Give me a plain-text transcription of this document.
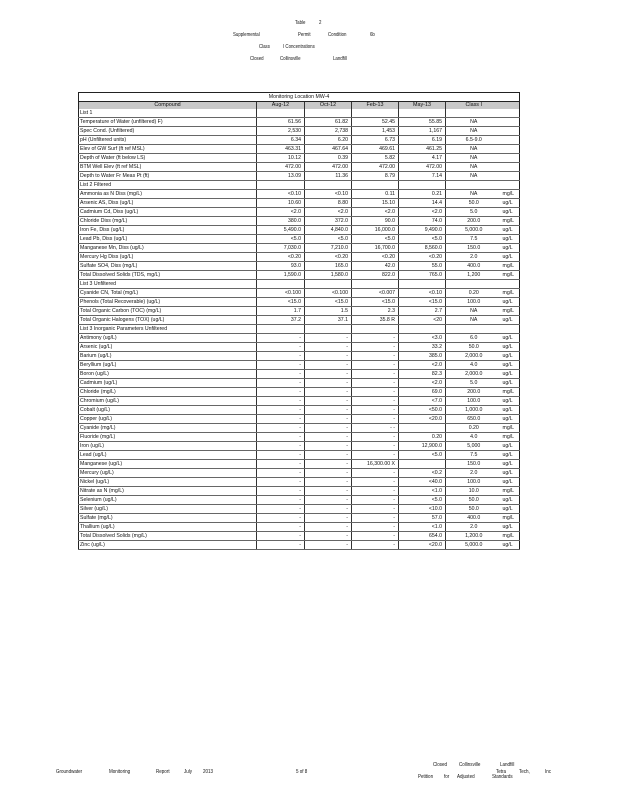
Table 2
Supplemental	Permit	Condition	6b
Class I Concentrations
Closed	Collinsville	Landfill
Monitoring Location MW-4						
Compound	Aug-12	Oct-12	Feb-13	May-13	Class I	
List 1						
Temperature of Water (unfiltered) F)	61.56	61.82	52.45	55.85	NA	
Spec Cond. (Unfiltered)	2,530	2,738	1,453	1,167	NA	
pH (Unfiltered units)	6.34	6.20	6.73	6.19	6.5-9.0	
Elev of GW Surf (ft ref MSL)	463.31	467.64	469.61	461.25	NA	
Depth of Water (ft below LS)	10.12	0.39	5.82	4.17	NA	
BTM Well Elev (ft ref MSL)	472.00	472.00	472.00	472.00	NA	
Depth to Water Fr Meas Pt (ft)	13.09	11.36	8.79	7.14	NA	
List 2 Filtered						
Ammonia as N Diss (mg/L)	<0.10	<0.10	0.11	0.21	NA	mg/L
Arsenic AS, Diss (ug/L)	10.60	8.80	15.10	14.4	50.0	ug/L
Cadmium Cd, Diss (ug/L)	<2.0	<2.0	<2.0	<2.0	5.0	ug/L
Chloride Diss (mg/L)	380.0	372.0	90.0	74.0	200.0	mg/L
Iron Fe, Diss (ug/L)	5,490.0	4,840.0	16,000.0	9,490.0	5,000.0	ug/L
Lead Pb, Diss (ug/L)	<5.0	<5.0	<5.0	<5.0	7.5	ug/L
Manganese Mn, Diss (ug/L)	7,030.0	7,210.0	16,700.0	8,560.0	150.0	ug/L
Mercury Hg Diss (ug/L)	<0.20	<0.20	<0.20	<0.20	2.0	ug/L
Sulfate SO4, Diss (mg/L)	93.0	165.0	42.0	55.0	400.0	mg/L
Total Dissolved Solids (TDS, mg/L)	1,590.0	1,580.0	822.0	765.0	1,200	mg/L
List 3 Unfiltered						
Cyanide CN, Total (mg/L)	<0.100	<0.100	<0.007	<0.10	0.20	mg/L
Phenols (Total Recoverable) (ug/L)	<15.0	<15.0	<15.0	<15.0	100.0	ug/L
Total Organic Carbon (TOC) (mg/L)	1.7	1.5	2.3	2.7	NA	mg/L
Total Organic Halogens (TOX) (ug/L)	37.2	37.1	35.8 R	<20	NA	ug/L
List 3 Inorganic Parameters Unfiltered						
Antimony (ug/L)	-	-	-	<3.0	6.0	ug/L
Arsenic (ug/L)	-	-	-	33.2	50.0	ug/L
Barium (ug/L)	-	-	-	385.0	2,000.0	ug/L
Beryllium (ug/L)	-	-	-	<2.0	4.0	ug/L
Boron (ug/L)	-	-	-	82.3	2,000.0	ug/L
Cadmium (ug/L)	-	-	-	<2.0	5.0	ug/L
Chloride (mg/L)	-	-	-	69.0	200.0	mg/L
Chromium (ug/L)	-	-	-	<7.0	100.0	ug/L
Cobalt (ug/L)	-	-	-	<50.0	1,000.0	ug/L
Copper (ug/L)	-	-	-	<20.0	650.0	ug/L
Cyanide (mg/L)	-	-	- -		0.20	mg/L
Fluoride (mg/L)	-	-	-	0.20	4.0	mg/L
Iron (ug/L)	-	-	-	12,900.0	5,000	ug/L
Lead (ug/L)	-	-	-	<5.0	7.5	ug/L
Manganese (ug/L)	-	-	16,300.00 X		150.0	ug/L
Mercury (ug/L)	-	-	-	<0.2	2.0	ug/L
Nickel (ug/L)	-	-	-	<40.0	100.0	ug/L
Nitrate as N (mg/L)	-	-	-	<1.0	10.0	mg/L
Selenium (ug/L)	-	-	-	<5.0	50.0	ug/L
Silver (ug/L)	-	-	-	<10.0	50.0	ug/L
Sulfate (mg/L)	-	-	-	57.0	400.0	mg/L
Thallium (ug/L)	-	-	-	<1.0	2.0	ug/L
Total Dissolved Solids (mg/L)	-	-	-	654.0	1,200.0	mg/L
Zinc (ug/L)	-	-	-	<20.0	5,000.0	ug/L
Groundwater	Monitoring	Report July 2013	5 of 8
Closed Collinsville	Landfill
Petition for Adjusted	Standards
Tetra Tech,	Inc
